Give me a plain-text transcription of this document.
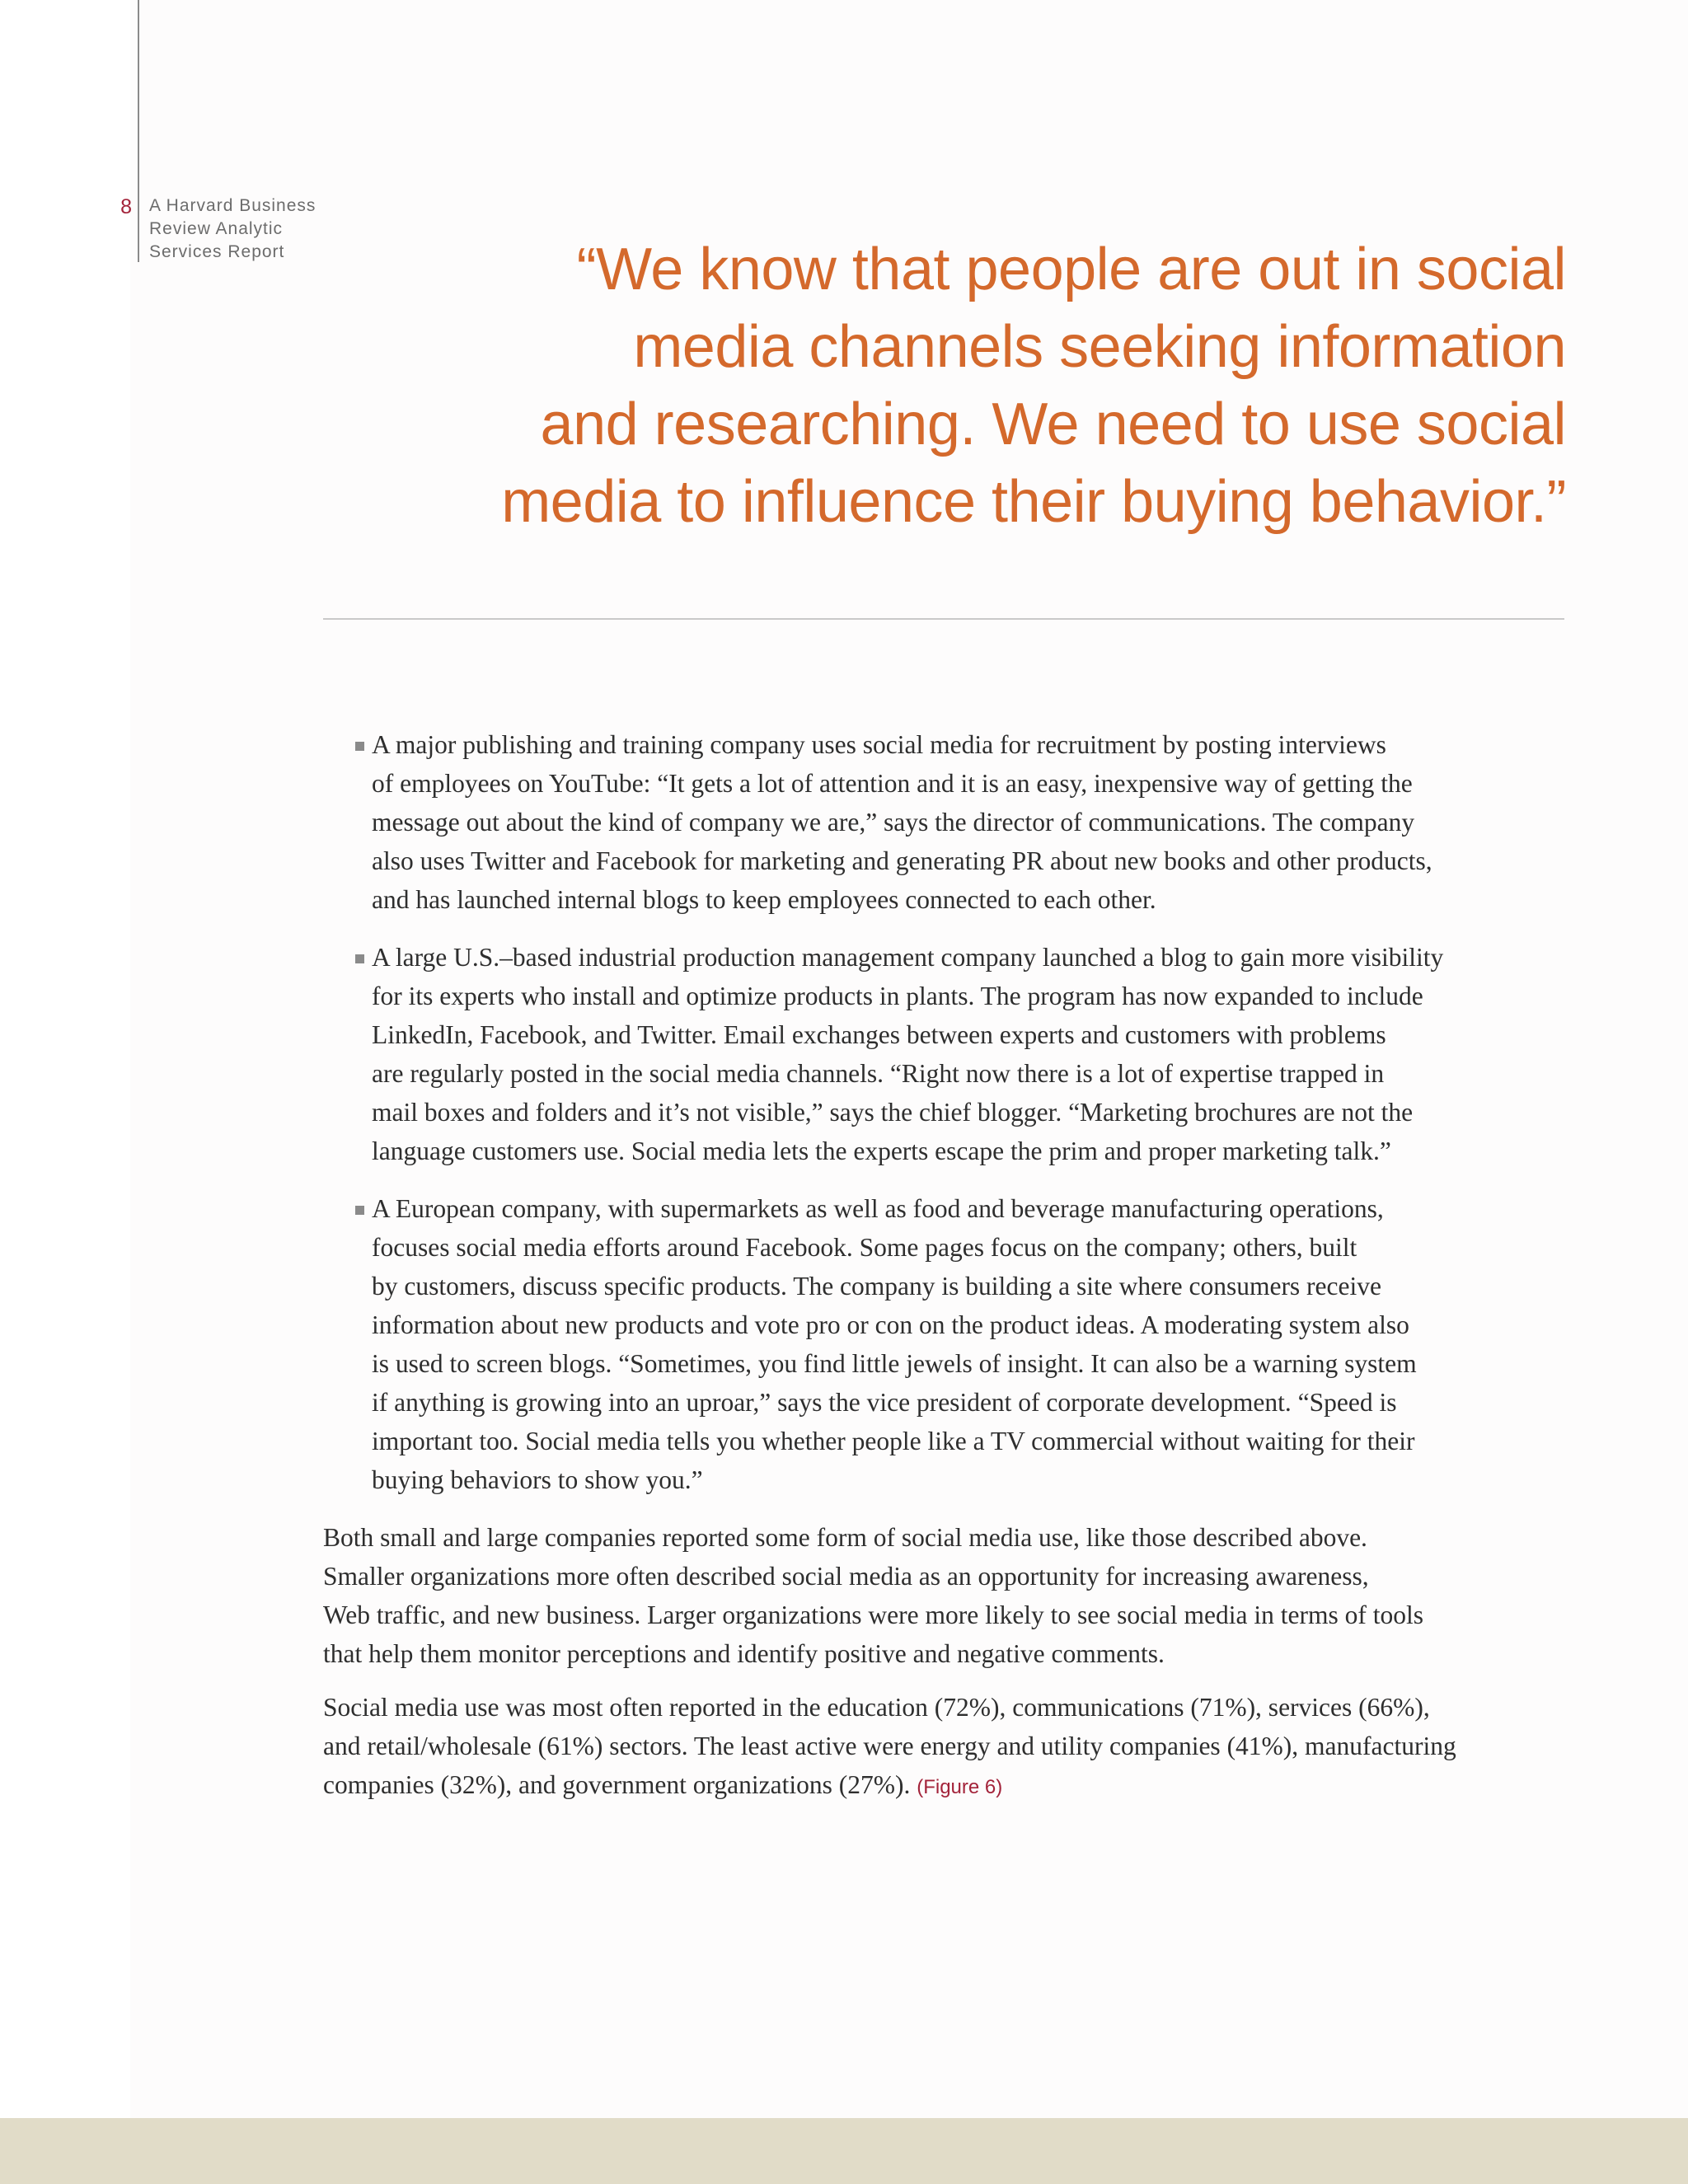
8 A Harvard Business
Review Analytic
Services Report	“We know that people are out in social
media channels seeking information
and researching. We need to use social
media to influence their buying behavior.”
A major publishing and training company uses social media for recruitment by posting interviews
of employees on YouTube: “It gets a lot of attention and it is an easy, inexpensive way of getting the
message out about the kind of company we are,” says the director of communications. The company
also uses Twitter and Facebook for marketing and generating PR about new books and other products,
and has launched internal blogs to keep employees connected to each other.
A large U.S.–based industrial production management company launched a blog to gain more visibility
for its experts who install and optimize products in plants. The program has now expanded to include
LinkedIn, Facebook, and Twitter. Email exchanges between experts and customers with problems
are regularly posted in the social media channels. “Right now there is a lot of expertise trapped in
mail boxes and folders and it’s not visible,” says the chief blogger. “Marketing brochures are not the
language customers use. Social media lets the experts escape the prim and proper marketing talk.”
A European company, with supermarkets as well as food and beverage manufacturing operations,
focuses social media efforts around Facebook. Some pages focus on the company; others, built
by customers, discuss specific products. The company is building a site where consumers receive
information about new products and vote pro or con on the product ideas. A moderating system also
is used to screen blogs. “Sometimes, you find little jewels of insight. It can also be a warning system
if anything is growing into an uproar,” says the vice president of corporate development. “Speed is
important too. Social media tells you whether people like a TV commercial without waiting for their
buying behaviors to show you.”

Both small and large companies reported some form of social media use, like those described above.
Smaller organizations more often described social media as an opportunity for increasing awareness,
Web traffic, and new business. Larger organizations were more likely to see social media in terms of tools
that help them monitor perceptions and identify positive and negative comments.

Social media use was most often reported in the education (72%), communications (71%), services (66%),
and retail/wholesale (61%) sectors. The least active were energy and utility companies (41%), manufacturing
companies (32%), and government organizations (27%). (Figure 6)
